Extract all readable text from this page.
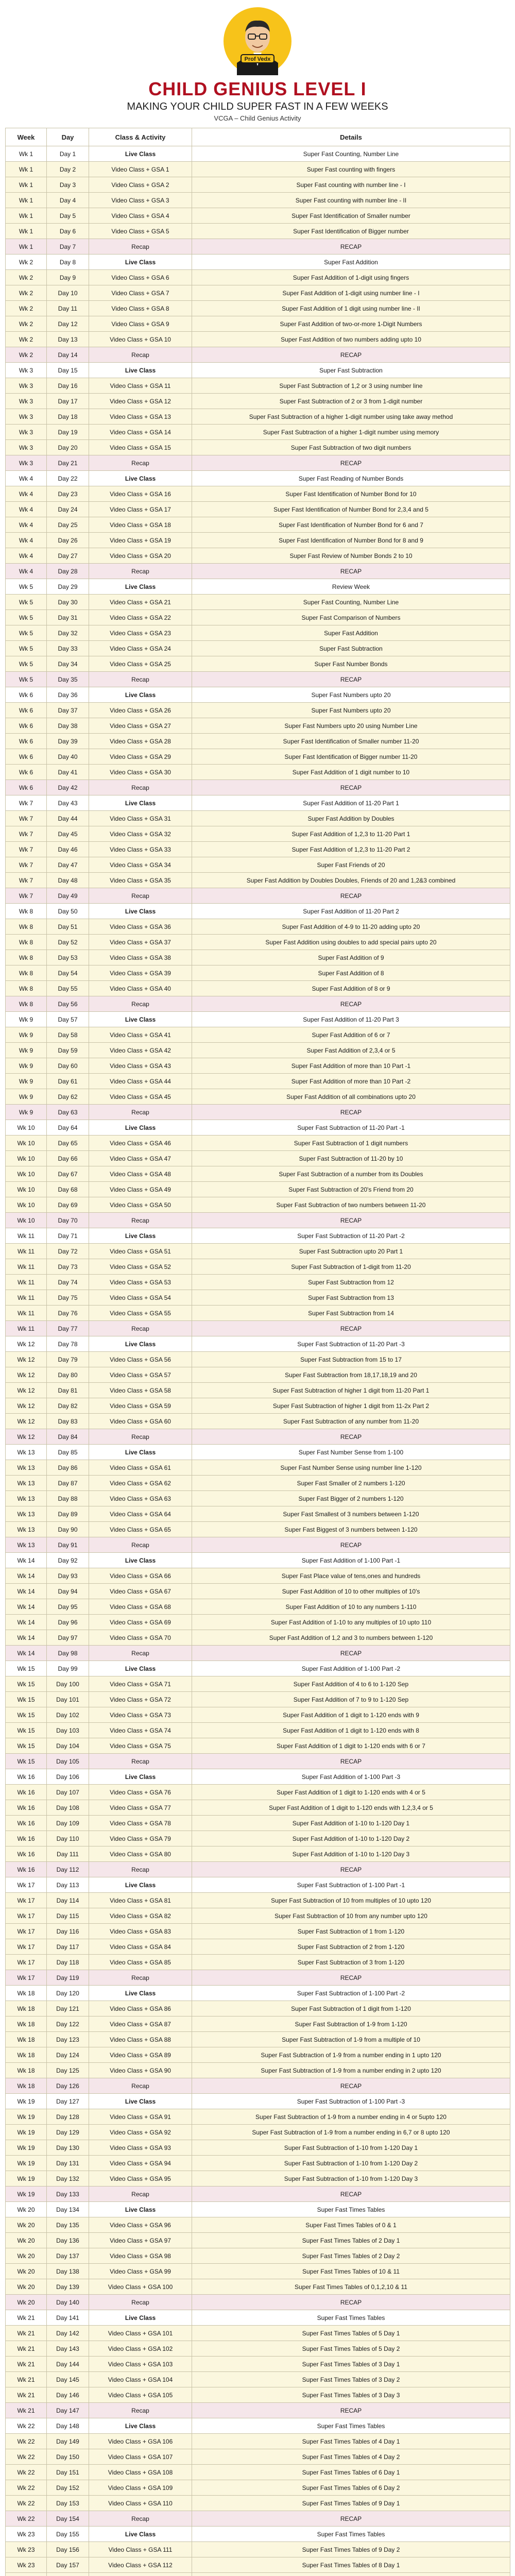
Prof Vedx
CHILD GENIUS LEVEL I
MAKING YOUR CHILD SUPER FAST IN A FEW WEEKS
VCGA – Child Genius Activity
Week	Day	Class & Activity	Details
Wk 1	Day 1	Live Class	Super Fast Counting, Number Line
Wk 1	Day 2	Video Class + GSA 1	Super Fast counting with fingers
Wk 1	Day 3	Video Class + GSA 2	Super Fast counting with number line - I
Wk 1	Day 4	Video Class + GSA 3	Super Fast counting with number line - II
Wk 1	Day 5	Video Class + GSA 4	Super Fast Identification of Smaller number
Wk 1	Day 6	Video Class + GSA 5	Super Fast Identification of Bigger number
Wk 1	Day 7	Recap	RECAP
Wk 2	Day 8	Live Class	Super Fast Addition
Wk 2	Day 9	Video Class + GSA 6	Super Fast Addition of 1-digit using fingers
Wk 2	Day 10	Video Class + GSA 7	Super Fast Addition of 1-digit using number line - I
Wk 2	Day 11	Video Class + GSA 8	Super Fast Addition of 1 digit using number line - II
Wk 2	Day 12	Video Class + GSA 9	Super Fast Addition of two-or-more 1-Digit Numbers
Wk 2	Day 13	Video Class + GSA 10	Super Fast Addition of two numbers adding upto 10
Wk 2	Day 14	Recap	RECAP
Wk 3	Day 15	Live Class	Super Fast Subtraction
Wk 3	Day 16	Video Class + GSA 11	Super Fast Subtraction of 1,2 or 3 using number line
Wk 3	Day 17	Video Class + GSA 12	Super Fast Subtraction of 2 or 3 from 1-digit number
Wk 3	Day 18	Video Class + GSA 13	Super Fast Subtraction of a higher 1-digit number using take away method
Wk 3	Day 19	Video Class + GSA 14	Super Fast Subtraction of a higher 1-digit number using memory
Wk 3	Day 20	Video Class + GSA 15	Super Fast Subtraction of two digit numbers
Wk 3	Day 21	Recap	RECAP
Wk 4	Day 22	Live Class	Super Fast Reading of Number Bonds
Wk 4	Day 23	Video Class + GSA 16	Super Fast Identification of Number Bond for 10
Wk 4	Day 24	Video Class + GSA 17	Super Fast Identification of Number Bond for 2,3,4 and 5
Wk 4	Day 25	Video Class + GSA 18	Super Fast Identification of Number Bond for 6 and 7
Wk 4	Day 26	Video Class + GSA 19	Super Fast Identification of Number Bond for 8 and 9
Wk 4	Day 27	Video Class + GSA 20	Super Fast Review of Number Bonds 2 to 10
Wk 4	Day 28	Recap	RECAP
Wk 5	Day 29	Live Class	Review Week
Wk 5	Day 30	Video Class + GSA 21	Super Fast Counting, Number Line
Wk 5	Day 31	Video Class + GSA 22	Super Fast Comparison of Numbers
Wk 5	Day 32	Video Class + GSA 23	Super Fast Addition
Wk 5	Day 33	Video Class + GSA 24	Super Fast Subtraction
Wk 5	Day 34	Video Class + GSA 25	Super Fast Number Bonds
Wk 5	Day 35	Recap	RECAP
Wk 6	Day 36	Live Class	Super Fast Numbers upto 20
Wk 6	Day 37	Video Class + GSA 26	Super Fast Numbers upto 20
Wk 6	Day 38	Video Class + GSA 27	Super Fast Numbers upto 20 using Number Line
Wk 6	Day 39	Video Class + GSA 28	Super Fast Identification of Smaller number 11-20
Wk 6	Day 40	Video Class + GSA 29	Super Fast Identification of Bigger number 11-20
Wk 6	Day 41	Video Class + GSA 30	Super Fast Addition of 1 digit number to 10
Wk 6	Day 42	Recap	RECAP
Wk 7	Day 43	Live Class	Super Fast Addition of 11-20 Part 1
Wk 7	Day 44	Video Class + GSA 31	Super Fast Addition by Doubles
Wk 7	Day 45	Video Class + GSA 32	Super Fast Addition of 1,2,3 to 11-20 Part 1
Wk 7	Day 46	Video Class + GSA 33	Super Fast Addition of 1,2,3 to 11-20 Part 2
Wk 7	Day 47	Video Class + GSA 34	Super Fast Friends of 20
Wk 7	Day 48	Video Class + GSA 35	Super Fast Addition by Doubles Doubles, Friends of 20 and 1,2&3 combined
Wk 7	Day 49	Recap	RECAP
Wk 8	Day 50	Live Class	Super Fast Addition of 11-20 Part 2
Wk 8	Day 51	Video Class + GSA 36	Super Fast Addition of 4-9 to 11-20 adding upto 20
Wk 8	Day 52	Video Class + GSA 37	Super Fast Addition using doubles to add special pairs upto 20
Wk 8	Day 53	Video Class + GSA 38	Super Fast Addition of 9
Wk 8	Day 54	Video Class + GSA 39	Super Fast Addition of 8
Wk 8	Day 55	Video Class + GSA 40	Super Fast Addition of 8 or 9
Wk 8	Day 56	Recap	RECAP
Wk 9	Day 57	Live Class	Super Fast Addition of 11-20 Part 3
Wk 9	Day 58	Video Class + GSA 41	Super Fast Addition of 6 or 7
Wk 9	Day 59	Video Class + GSA 42	Super Fast Addition of 2,3,4 or 5
Wk 9	Day 60	Video Class + GSA 43	Super Fast Addition of more than 10 Part -1
Wk 9	Day 61	Video Class + GSA 44	Super Fast Addition of more than 10 Part -2
Wk 9	Day 62	Video Class + GSA 45	Super Fast Addition of all combinations upto 20
Wk 9	Day 63	Recap	RECAP
Wk 10	Day 64	Live Class	Super Fast Subtraction of 11-20 Part -1
Wk 10	Day 65	Video Class + GSA 46	Super Fast Subtraction of 1 digit numbers
Wk 10	Day 66	Video Class + GSA 47	Super Fast Subtraction of 11-20 by 10
Wk 10	Day 67	Video Class + GSA 48	Super Fast Subtraction of a number from its Doubles
Wk 10	Day 68	Video Class + GSA 49	Super Fast Subtraction of 20's Friend from 20
Wk 10	Day 69	Video Class + GSA 50	Super Fast Subtraction of two numbers between 11-20
Wk 10	Day 70	Recap	RECAP
Wk 11	Day 71	Live Class	Super Fast Subtraction of 11-20 Part -2
Wk 11	Day 72	Video Class + GSA 51	Super Fast Subtraction upto 20 Part 1
Wk 11	Day 73	Video Class + GSA 52	Super Fast Subtraction of 1-digit from 11-20
Wk 11	Day 74	Video Class + GSA 53	Super Fast Subtraction from 12
Wk 11	Day 75	Video Class + GSA 54	Super Fast Subtraction from 13
Wk 11	Day 76	Video Class + GSA 55	Super Fast Subtraction from 14
Wk 11	Day 77	Recap	RECAP
Wk 12	Day 78	Live Class	Super Fast Subtraction of 11-20 Part -3
Wk 12	Day 79	Video Class + GSA 56	Super Fast Subtraction from 15 to 17
Wk 12	Day 80	Video Class + GSA 57	Super Fast Subtraction from 18,17,18,19 and 20
Wk 12	Day 81	Video Class + GSA 58	Super Fast Subtraction of higher 1 digit from 11-20 Part 1
Wk 12	Day 82	Video Class + GSA 59	Super Fast Subtraction of higher 1 digit from 11-2x Part 2
Wk 12	Day 83	Video Class + GSA 60	Super Fast Subtraction of any number from 11-20
Wk 12	Day 84	Recap	RECAP
Wk 13	Day 85	Live Class	Super Fast Number Sense from 1-100
Wk 13	Day 86	Video Class + GSA 61	Super Fast Number Sense using number line 1-120
Wk 13	Day 87	Video Class + GSA 62	Super Fast Smaller of 2 numbers 1-120
Wk 13	Day 88	Video Class + GSA 63	Super Fast Bigger of 2 numbers 1-120
Wk 13	Day 89	Video Class + GSA 64	Super Fast Smallest of 3 numbers between 1-120
Wk 13	Day 90	Video Class + GSA 65	Super Fast Biggest of 3 numbers between 1-120
Wk 13	Day 91	Recap	RECAP
Wk 14	Day 92	Live Class	Super Fast Addition of 1-100 Part -1
Wk 14	Day 93	Video Class + GSA 66	Super Fast Place value of tens,ones and hundreds
Wk 14	Day 94	Video Class + GSA 67	Super Fast Addition of 10 to other multiples of 10's
Wk 14	Day 95	Video Class + GSA 68	Super Fast Addition of 10 to any numbers 1-110
Wk 14	Day 96	Video Class + GSA 69	Super Fast Addition of 1-10 to any multiples of 10 upto 110
Wk 14	Day 97	Video Class + GSA 70	Super Fast Addition of 1,2 and 3 to numbers between 1-120
Wk 14	Day 98	Recap	RECAP
Wk 15	Day 99	Live Class	Super Fast Addition of 1-100 Part -2
Wk 15	Day 100	Video Class + GSA 71	Super Fast Addition of 4 to 6 to 1-120 Sep
Wk 15	Day 101	Video Class + GSA 72	Super Fast Addition of 7 to 9 to 1-120 Sep
Wk 15	Day 102	Video Class + GSA 73	Super Fast Addition of 1 digit to 1-120 ends with 9
Wk 15	Day 103	Video Class + GSA 74	Super Fast Addition of 1 digit to 1-120 ends with 8
Wk 15	Day 104	Video Class + GSA 75	Super Fast Addition of 1 digit to 1-120 ends with 6 or 7
Wk 15	Day 105	Recap	RECAP
Wk 16	Day 106	Live Class	Super Fast Addition of 1-100 Part -3
Wk 16	Day 107	Video Class + GSA 76	Super Fast Addition of 1 digit to 1-120 ends with 4 or 5
Wk 16	Day 108	Video Class + GSA 77	Super Fast Addition of 1 digit to 1-120 ends with 1,2,3,4 or 5
Wk 16	Day 109	Video Class + GSA 78	Super Fast Addition of 1-10 to 1-120 Day 1
Wk 16	Day 110	Video Class + GSA 79	Super Fast Addition of 1-10 to 1-120 Day 2
Wk 16	Day 111	Video Class + GSA 80	Super Fast Addition of 1-10 to 1-120 Day 3
Wk 16	Day 112	Recap	RECAP
Wk 17	Day 113	Live Class	Super Fast Subtraction of 1-100 Part -1
Wk 17	Day 114	Video Class + GSA 81	Super Fast Subtraction of 10 from multiples of 10 upto 120
Wk 17	Day 115	Video Class + GSA 82	Super Fast Subtraction of 10 from any number upto 120
Wk 17	Day 116	Video Class + GSA 83	Super Fast Subtraction of 1 from 1-120
Wk 17	Day 117	Video Class + GSA 84	Super Fast Subtraction of 2 from 1-120
Wk 17	Day 118	Video Class + GSA 85	Super Fast Subtraction of 3 from 1-120
Wk 17	Day 119	Recap	RECAP
Wk 18	Day 120	Live Class	Super Fast Subtraction of 1-100 Part -2
Wk 18	Day 121	Video Class + GSA 86	Super Fast Subtraction of 1 digit from 1-120
Wk 18	Day 122	Video Class + GSA 87	Super Fast Subtraction of 1-9 from 1-120
Wk 18	Day 123	Video Class + GSA 88	Super Fast Subtraction of 1-9 from a multiple of 10
Wk 18	Day 124	Video Class + GSA 89	Super Fast Subtraction of 1-9 from a number ending in 1 upto 120
Wk 18	Day 125	Video Class + GSA 90	Super Fast Subtraction of 1-9 from a number ending in 2 upto 120
Wk 18	Day 126	Recap	RECAP
Wk 19	Day 127	Live Class	Super Fast Subtraction of 1-100 Part -3
Wk 19	Day 128	Video Class + GSA 91	Super Fast Subtraction of 1-9 from a number ending in 4 or 5upto 120
Wk 19	Day 129	Video Class + GSA 92	Super Fast Subtraction of 1-9 from a number ending in 6,7 or 8 upto 120
Wk 19	Day 130	Video Class + GSA 93	Super Fast Subtraction of 1-10 from 1-120 Day 1
Wk 19	Day 131	Video Class + GSA 94	Super Fast Subtraction of 1-10 from 1-120 Day 2
Wk 19	Day 132	Video Class + GSA 95	Super Fast Subtraction of 1-10 from 1-120 Day 3
Wk 19	Day 133	Recap	RECAP
Wk 20	Day 134	Live Class	Super Fast Times Tables
Wk 20	Day 135	Video Class + GSA 96	Super Fast Times Tables of 0 & 1
Wk 20	Day 136	Video Class + GSA 97	Super Fast Times Tables of 2 Day 1
Wk 20	Day 137	Video Class + GSA 98	Super Fast Times Tables of 2 Day 2
Wk 20	Day 138	Video Class + GSA 99	Super Fast Times Tables of 10 & 11
Wk 20	Day 139	Video Class + GSA 100	Super Fast Times Tables of 0,1,2,10 & 11
Wk 20	Day 140	Recap	RECAP
Wk 21	Day 141	Live Class	Super Fast Times Tables
Wk 21	Day 142	Video Class + GSA 101	Super Fast Times Tables of 5 Day 1
Wk 21	Day 143	Video Class + GSA 102	Super Fast Times Tables of 5 Day 2
Wk 21	Day 144	Video Class + GSA 103	Super Fast Times Tables of 3 Day 1
Wk 21	Day 145	Video Class + GSA 104	Super Fast Times Tables of 3 Day 2
Wk 21	Day 146	Video Class + GSA 105	Super Fast Times Tables of 3 Day 3
Wk 21	Day 147	Recap	RECAP
Wk 22	Day 148	Live Class	Super Fast Times Tables
Wk 22	Day 149	Video Class + GSA 106	Super Fast Times Tables of 4 Day 1
Wk 22	Day 150	Video Class + GSA 107	Super Fast Times Tables of 4 Day 2
Wk 22	Day 151	Video Class + GSA 108	Super Fast Times Tables of 6 Day 1
Wk 22	Day 152	Video Class + GSA 109	Super Fast Times Tables of 6 Day 2
Wk 22	Day 153	Video Class + GSA 110	Super Fast Times Tables of 9 Day 1
Wk 22	Day 154	Recap	RECAP
Wk 23	Day 155	Live Class	Super Fast Times Tables
Wk 23	Day 156	Video Class + GSA 111	Super Fast Times Tables of 9 Day 2
Wk 23	Day 157	Video Class + GSA 112	Super Fast Times Tables of 8 Day 1
